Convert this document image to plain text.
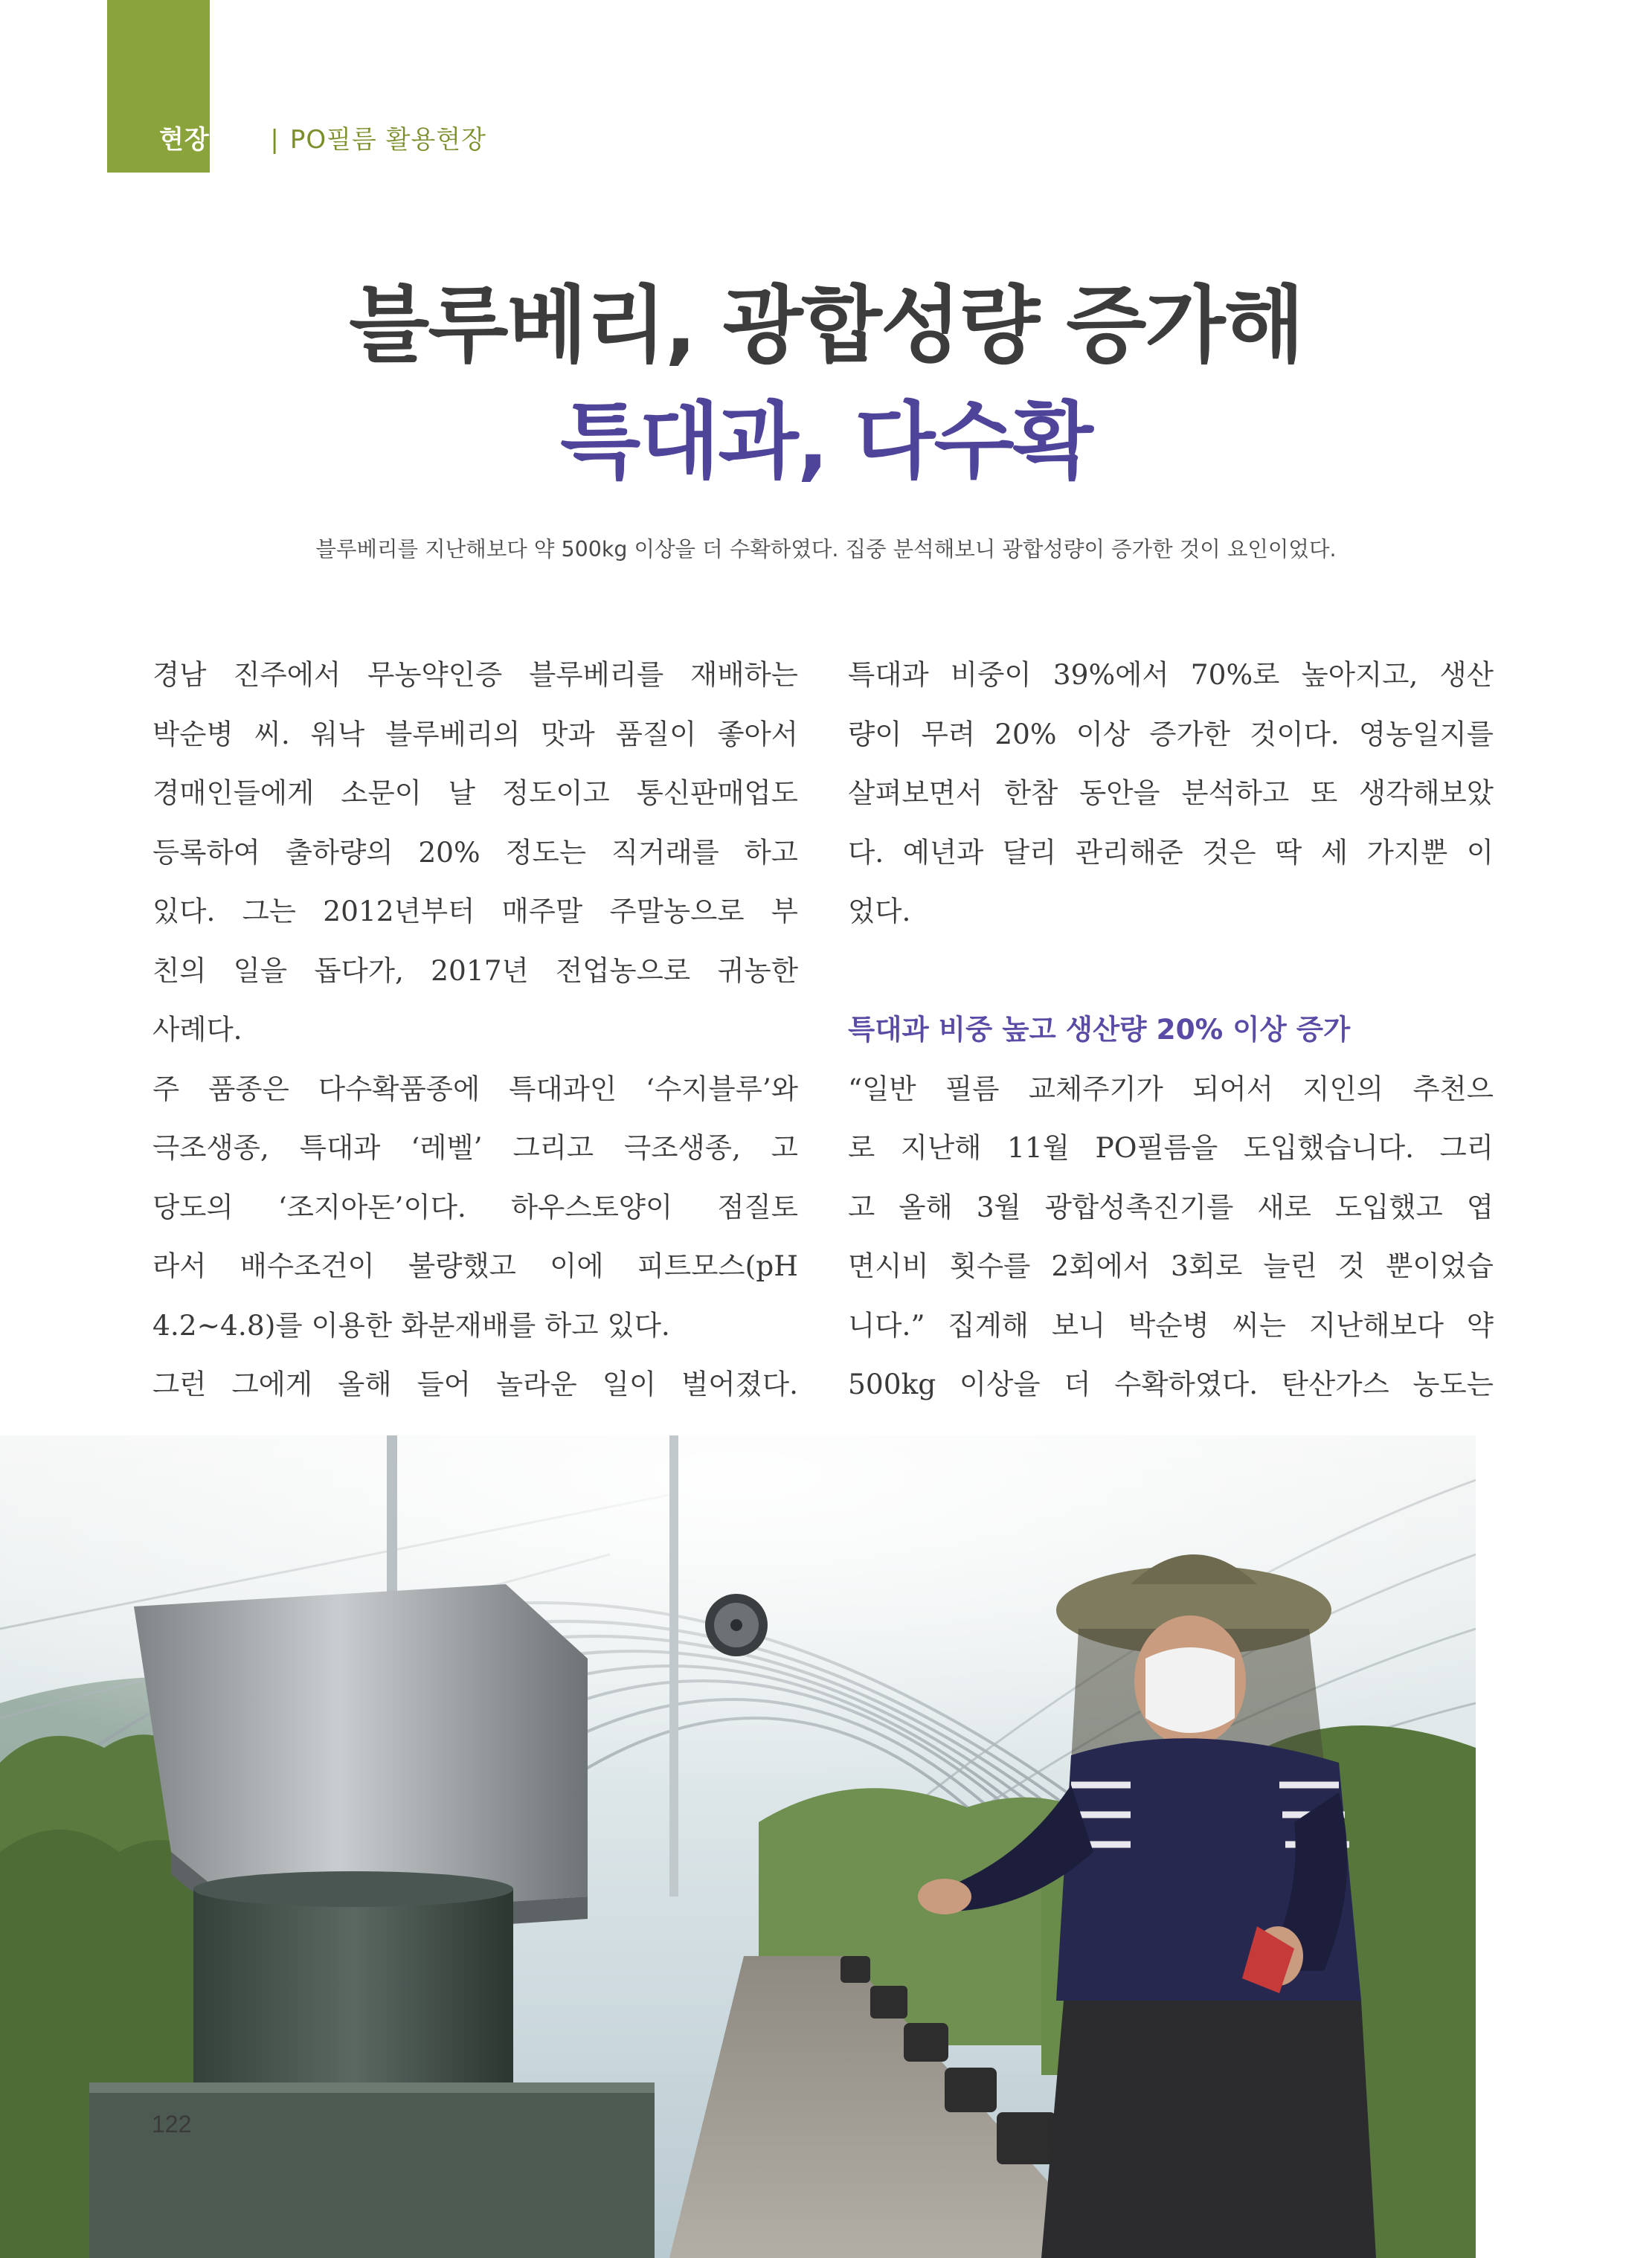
현장르포 | PO필름 활용현장
블루베리, 광합성량 증가해
특대과, 다수확
블루베리를 지난해보다 약 500kg 이상을 더 수확하였다. 집중 분석해보니 광합성량이 증가한 것이 요인이었다.
경남 진주에서 무농약인증 블루베리를 재배하는
박순병 씨. 워낙 블루베리의 맛과 품질이 좋아서
경매인들에게 소문이 날 정도이고 통신판매업도
등록하여 출하량의 20% 정도는 직거래를 하고
있다. 그는 2012년부터 매주말 주말농으로 부
친의 일을 돕다가, 2017년 전업농으로 귀농한
사례다.
주 품종은 다수확품종에 특대과인 ‘수지블루’와
극조생종, 특대과 ‘레벨’ 그리고 극조생종, 고
당도의 ‘조지아돈’이다. 하우스토양이 점질토
라서 배수조건이 불량했고 이에 피트모스(pH
4.2~4.8)를 이용한 화분재배를 하고 있다.
그런 그에게 올해 들어 놀라운 일이 벌어졌다.
특대과 비중이 39%에서 70%로 높아지고, 생산
량이 무려 20% 이상 증가한 것이다. 영농일지를
살펴보면서 한참 동안을 분석하고 또 생각해보았
다. 예년과 달리 관리해준 것은 딱 세 가지뿐 이
었다.
특대과 비중 높고 생산량 20% 이상 증가
“일반 필름 교체주기가 되어서 지인의 추천으
로 지난해 11월 PO필름을 도입했습니다. 그리
고 올해 3월 광합성촉진기를 새로 도입했고 엽
면시비 횟수를 2회에서 3회로 늘린 것 뿐이었습
니다.” 집계해 보니 박순병 씨는 지난해보다 약
500kg 이상을 더 수확하였다. 탄산가스 농도는
122
